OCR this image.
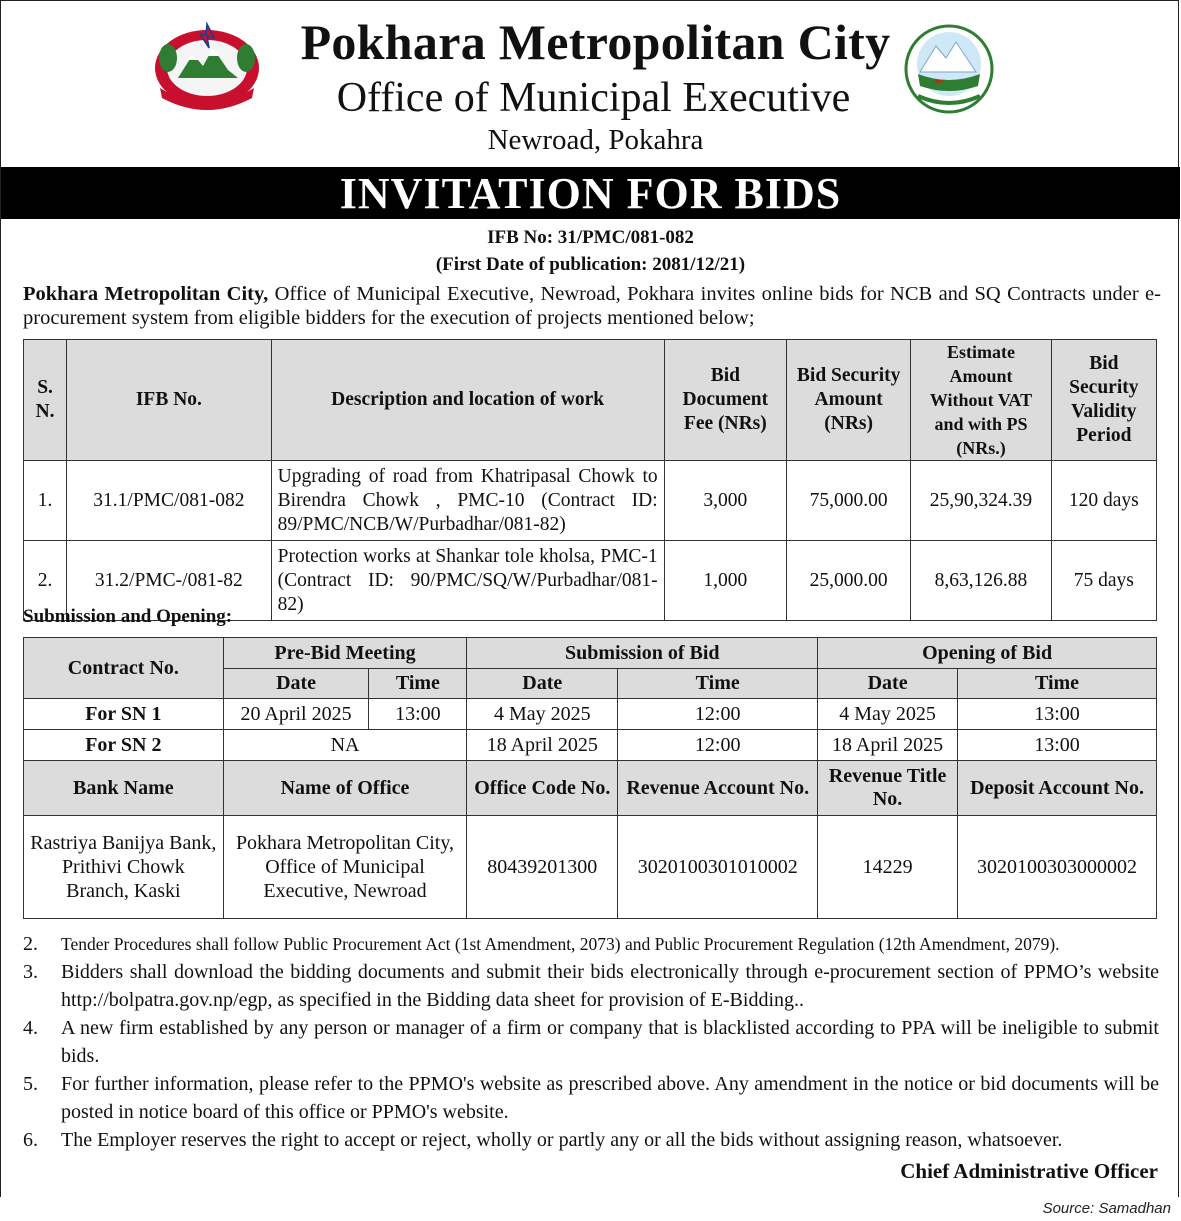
Pokhara Metropolitan City
Office of Municipal Executive
Newroad, Pokahra
INVITATION FOR BIDS
IFB No: 31/PMC/081-082
(First Date of publication: 2081/12/21)
Pokhara Metropolitan City, Office of Municipal Executive, Newroad, Pokhara invites online bids for NCB and SQ Contracts under e-procurement system from eligible bidders for the execution of projects mentioned below;
S. N.	IFB No.	Description and location of work	Bid Document Fee (NRs)	Bid Security Amount (NRs)	Estimate Amount Without VAT and with PS (NRs.)	Bid Security Validity Period
1.	31.1/PMC/081-082	Upgrading of road from Khatripasal Chowk to Birendra Chowk , PMC-10 (Contract ID: 89/PMC/NCB/W/Purbadhar/081-82)	3,000	75,000.00	25,90,324.39	120 days
2.	31.2/PMC-/081-82	Protection works at Shankar tole kholsa, PMC-1 (Contract ID: 90/PMC/SQ/W/Purbadhar/081-82)	1,000	25,000.00	8,63,126.88	75 days
Submission and Opening:
Contract No.	Pre-Bid Meeting		Submission of Bid		Opening of Bid	
	Date	Time	Date	Time	Date	Time
For SN 1	20 April 2025	13:00	4 May 2025	12:00	4 May 2025	13:00
For SN 2	NA		18 April 2025	12:00	18 April 2025	13:00
Bank Name	Name of Office		Office Code No.	Revenue Account No.	Revenue Title No.	Deposit Account No.
Rastriya Banijya Bank, Prithivi Chowk Branch, Kaski	Pokhara Metropolitan City, Office of Municipal Executive, Newroad		80439201300	3020100301010002	14229	3020100303000002
2.	Tender Procedures shall follow Public Procurement Act (1st Amendment, 2073) and Public Procurement Regulation (12th Amendment, 2079).
3.	Bidders shall download the bidding documents and submit their bids electronically through e-procurement section of PPMO’s website http://bolpatra.gov.np/egp, as specified in the Bidding data sheet for provision of E-Bidding..
4.	A new firm established by any person or manager of a firm or company that is blacklisted according to PPA will be ineligible to submit bids.
5.	For further information, please refer to the PPMO's website as prescribed above. Any amendment in the notice or bid documents will be posted in notice board of this office or PPMO's website.
6.	The Employer reserves the right to accept or reject, wholly or partly any or all the bids without assigning reason, whatsoever.
Chief Administrative Officer
Source: Samadhan
